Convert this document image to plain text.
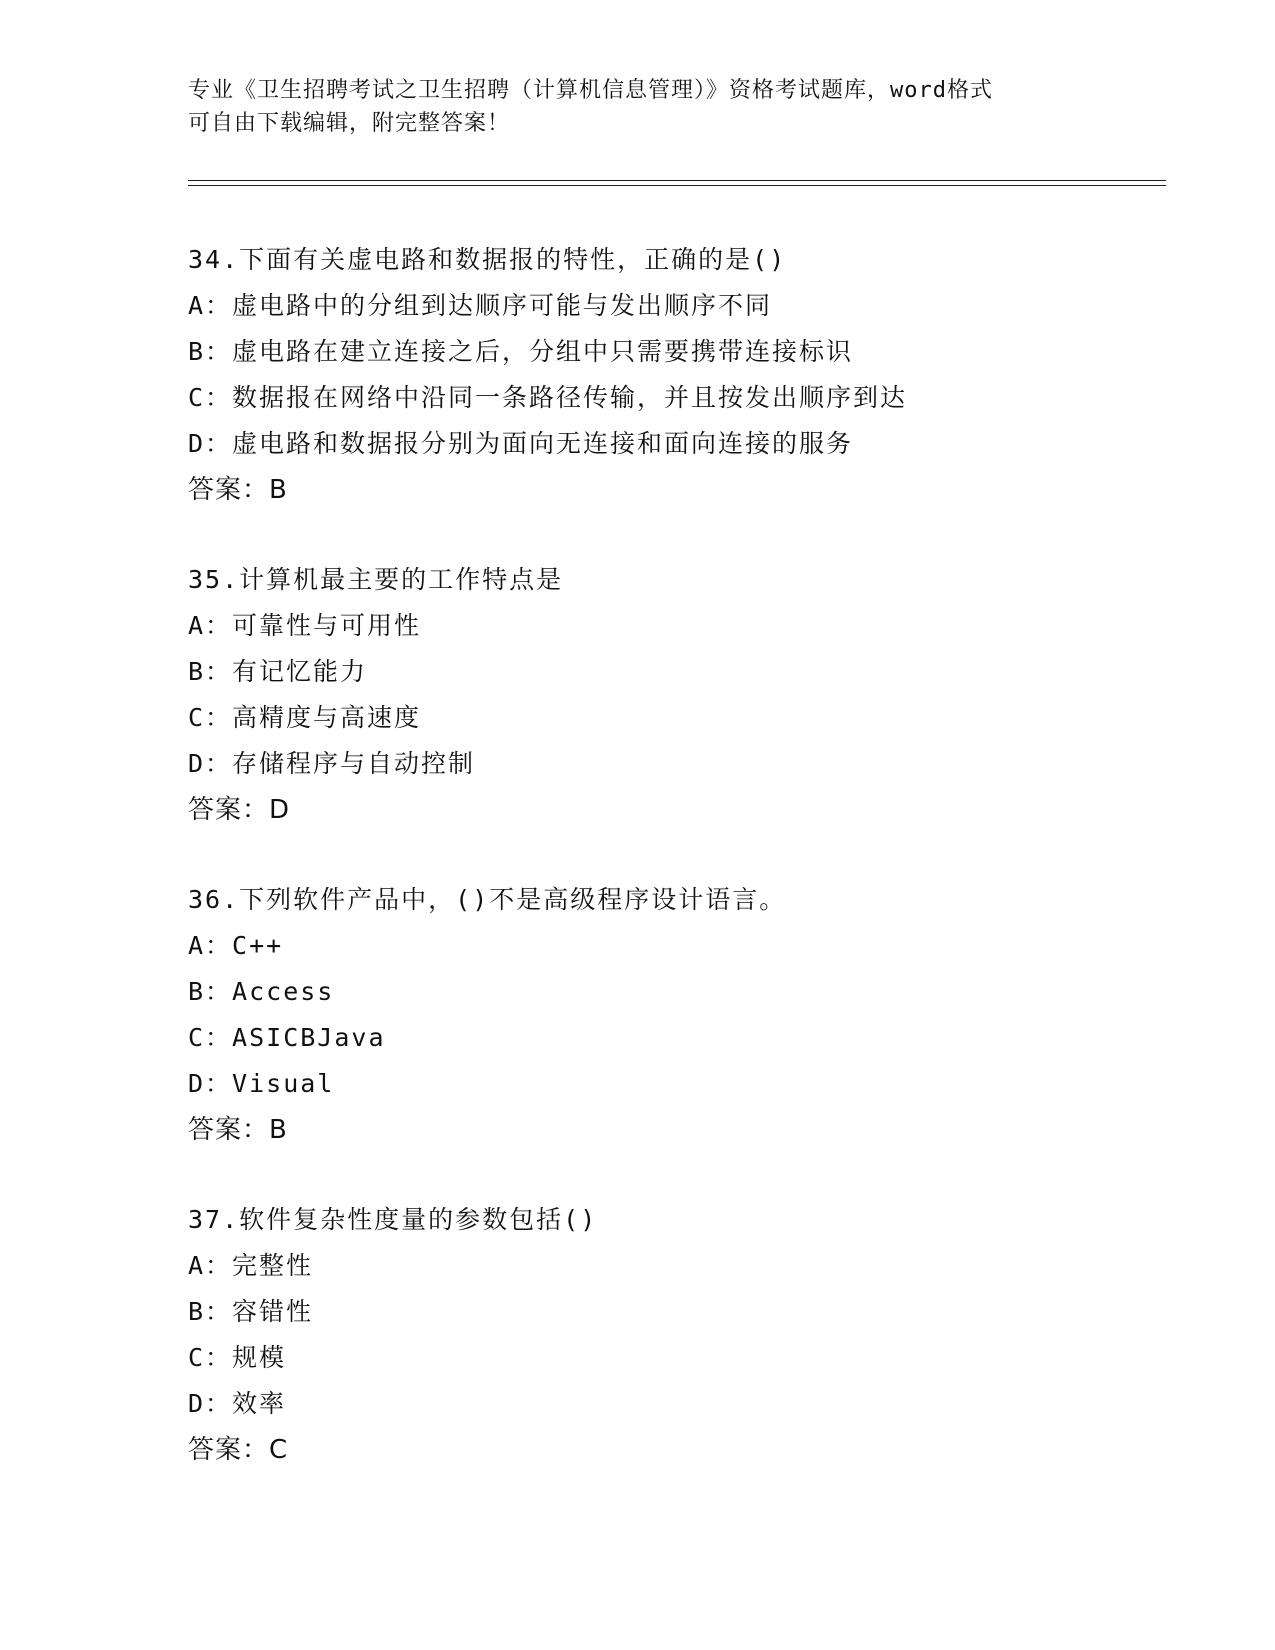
专业《卫生招聘考试之卫生招聘（计算机信息管理）》资格考试题库，word格式
可自由下载编辑，附完整答案！
34.下面有关虚电路和数据报的特性，正确的是()
A：虚电路中的分组到达顺序可能与发出顺序不同
B：虚电路在建立连接之后，分组中只需要携带连接标识
C：数据报在网络中沿同一条路径传输，并且按发出顺序到达
D：虚电路和数据报分别为面向无连接和面向连接的服务
答案：B
35.计算机最主要的工作特点是
A：可靠性与可用性
B：有记忆能力
C：高精度与高速度
D：存储程序与自动控制
答案：D
36.下列软件产品中，()不是高级程序设计语言。
A：C++
B：Access
C：ASICBJava
D：Visual
答案：B
37.软件复杂性度量的参数包括()
A：完整性
B：容错性
C：规模
D：效率
答案：C
